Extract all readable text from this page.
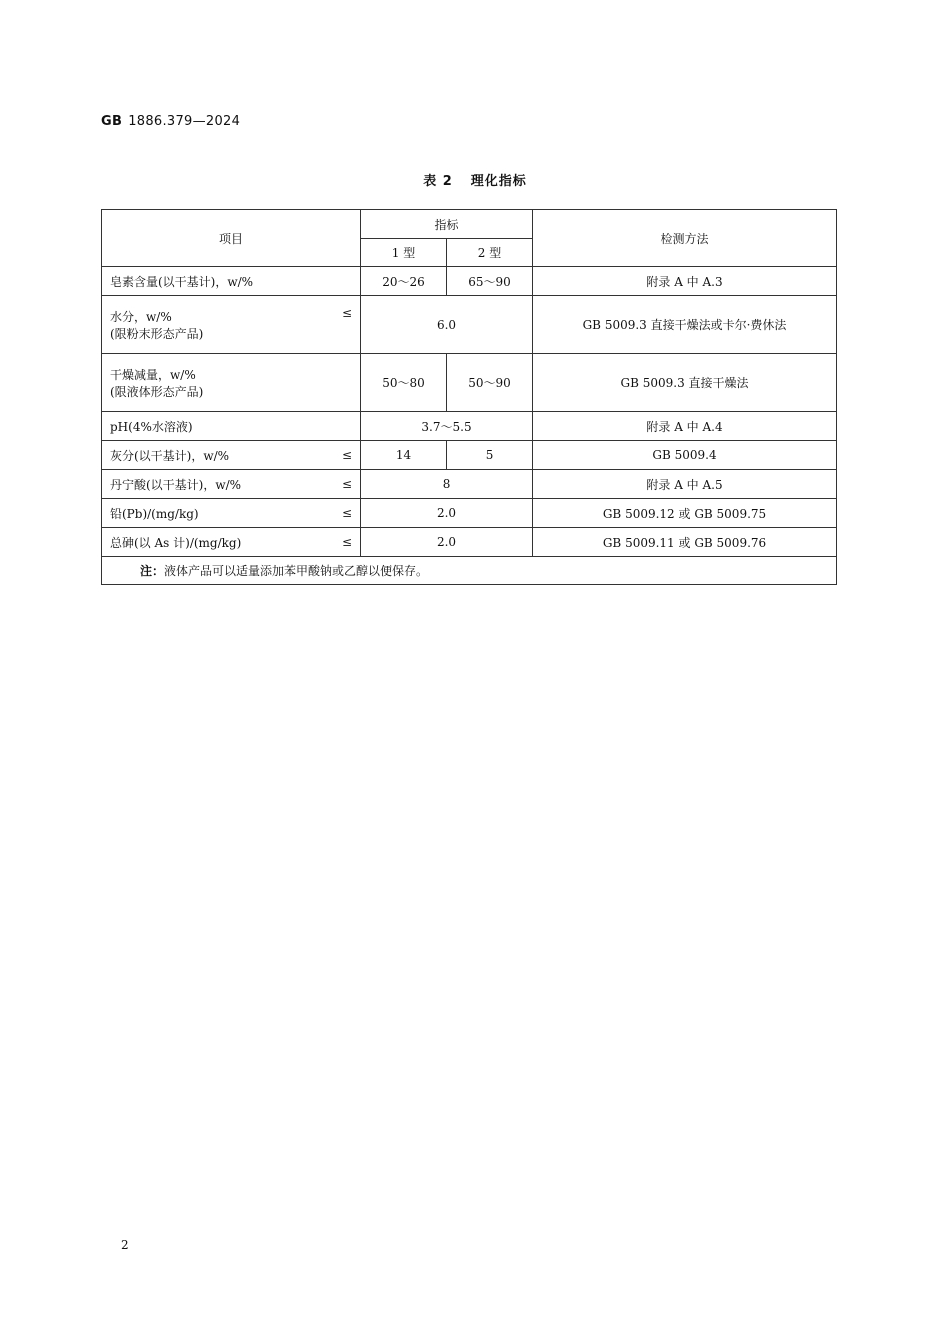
GB 1886.379—2024
表 2 理化指标
项目	指标		检测方法
	1 型	2 型	
皂素含量(以干基计)，w/%	20～26	65～90	附录 A 中 A.3

水分，w/%
(限粉末形态产品)
≤	6.0		GB 5009.3 直接干燥法或卡尔·费休法

干燥减量，w/%
(限液体形态产品)	50～80	50～90	GB 5009.3 直接干燥法
pH(4%水溶液)	3.7～5.5		附录 A 中 A.4
灰分(以干基计)，w/% ≤	14	5	GB 5009.4
丹宁酸(以干基计)，w/% ≤	8		附录 A 中 A.5
铅(Pb)/(mg/kg) ≤	2.0		GB 5009.12 或 GB 5009.75
总砷(以 As 计)/(mg/kg) ≤	2.0		GB 5009.11 或 GB 5009.76
注：液体产品可以适量添加苯甲酸钠或乙醇以便保存。			
2
